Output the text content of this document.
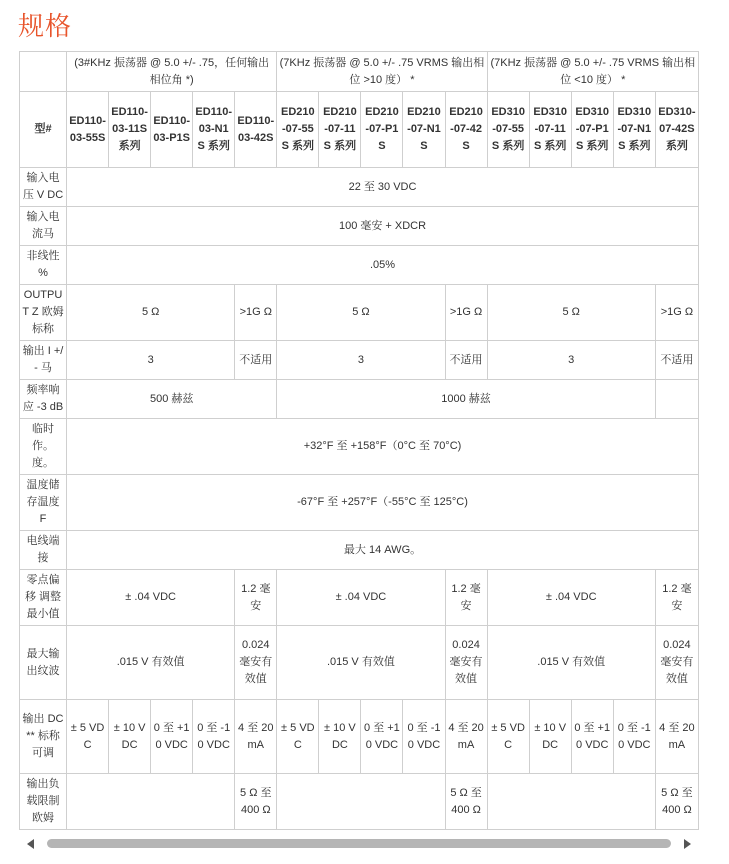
规格
	(3#KHz 振荡器 @ 5.0 +/- .75，任何输出相位角 *)					(7KHz 振荡器 @ 5.0 +/- .75 VRMS 输出相位 >10 度） *					(7KHz 振荡器 @ 5.0 +/- .75 VRMS 输出相位 <10 度） *				
型#	ED110-03-55S	ED110-03-11S 系列	ED110-03-P1S	ED110-03-N1S 系列	ED110-03-42S	ED210-07-55S 系列	ED210-07-11S 系列	ED210-07-P1S	ED210-07-N1S	ED210-07-42S	ED310-07-55S 系列	ED310-07-11S 系列	ED310-07-P1S 系列	ED310-07-N1S 系列	ED310-07-42S 系列
输入电压 V DC	22 至 30 VDC														
输入电流马	100 毫安 + XDCR														
非线性 %	.05%														
OUTPUT Z 欧姆 标称	5 Ω				>1G Ω	5 Ω				>1G Ω	5 Ω				>1G Ω
输出 I +/- 马	3				不适用	3				不适用	3				不适用
频率响应 -3 dB	500 赫兹					1000 赫兹									
临时作。度。	+32°F 至 +158°F（0°C 至 70°C)														
温度储存温度 F	-67°F 至 +257°F（-55°C 至 125°C)														
电线端接	最大 14 AWG。														
零点偏移 调整最小值	± .04 VDC				1.2 毫安	± .04 VDC				1.2 毫安	± .04 VDC				1.2 毫安
最大输出纹波	.015 V 有效值				0.024 毫安有效值	.015 V 有效值				0.024 毫安有效值	.015 V 有效值				0.024 毫安有效值
输出 DC ** 标称可调	± 5 VDC	± 10 VDC	0 至 +10 VDC	0 至 -10 VDC	4 至 20 mA	± 5 VDC	± 10 VDC	0 至 +10 VDC	0 至 -10 VDC	4 至 20 mA	± 5 VDC	± 10 VDC	0 至 +10 VDC	0 至 -10 VDC	4 至 20 mA
输出负载限制欧姆					5 Ω 至 400 Ω					5 Ω 至 400 Ω					5 Ω 至 400 Ω
